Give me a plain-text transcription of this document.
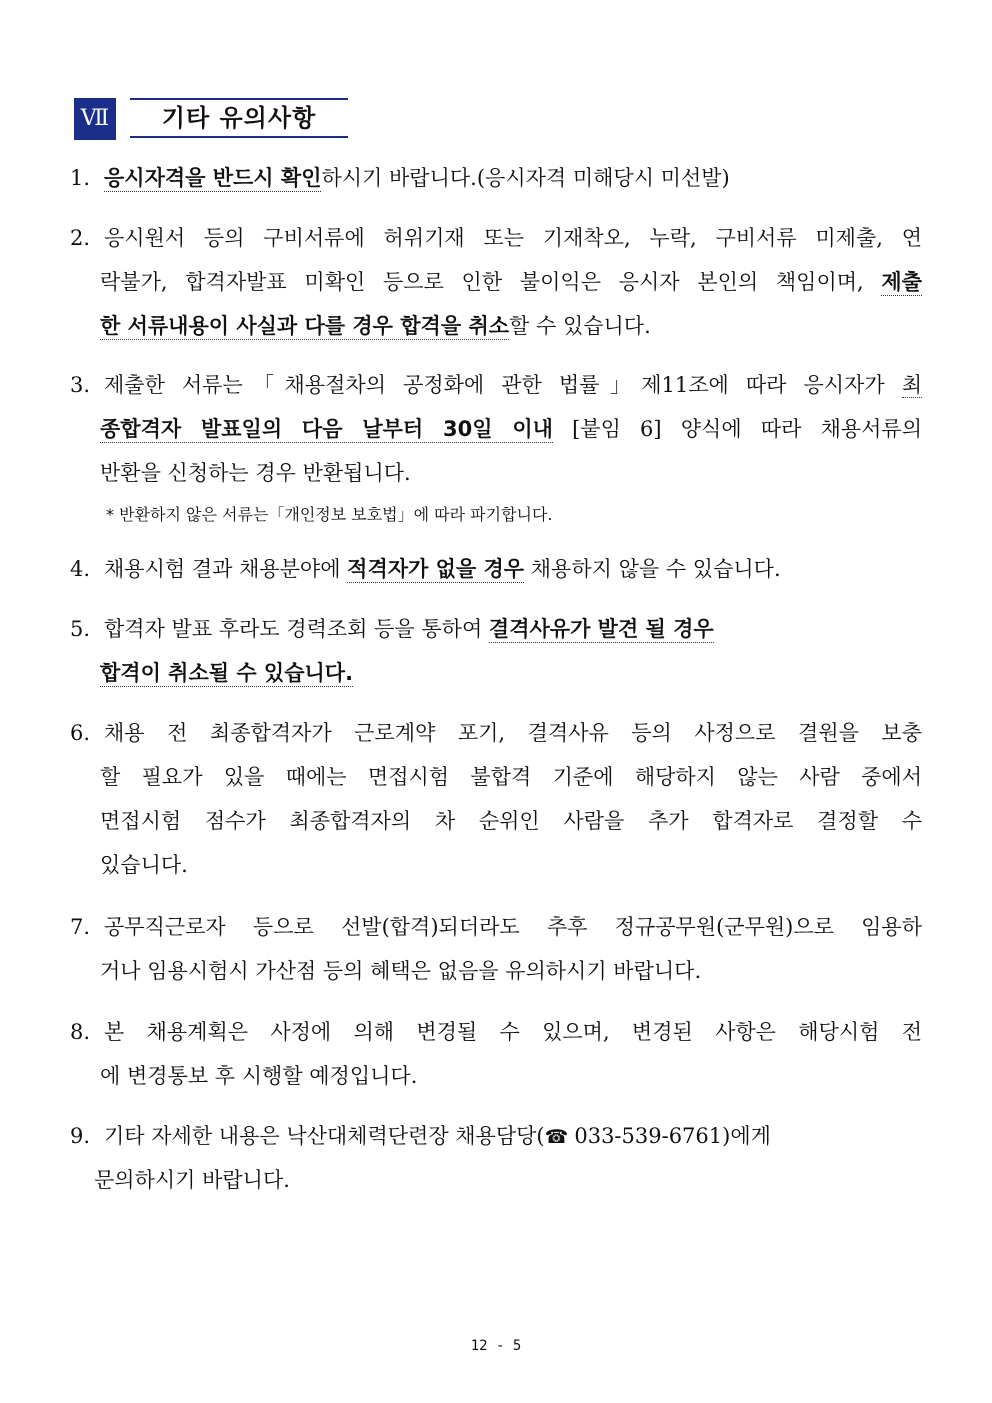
Ⅶ	기타 유의사항
1. 응시자격을 반드시 확인하시기 바랍니다.(응시자격 미해당시 미선발)
2. 응시원서 등의 구비서류에 허위기재 또는 기재착오, 누락, 구비서류 미제출, 연
락불가, 합격자발표 미확인 등으로 인한 불이익은 응시자 본인의 책임이며, 제출
한 서류내용이 사실과 다를 경우 합격을 취소할 수 있습니다.
3. 제출한 서류는「채용절차의 공정화에 관한 법률」제11조에 따라 응시자가 최
종합격자 발표일의 다음 날부터 30일 이내 [붙임 6] 양식에 따라 채용서류의
반환을 신청하는 경우 반환됩니다.
* 반환하지 않은 서류는「개인정보 보호법」에 따라 파기합니다.
4. 채용시험 결과 채용분야에 적격자가 없을 경우 채용하지 않을 수 있습니다.
5. 합격자 발표 후라도 경력조회 등을 통하여 결격사유가 발견 될 경우
합격이 취소될 수 있습니다.
6. 채용 전 최종합격자가 근로계약 포기, 결격사유 등의 사정으로 결원을 보충
할 필요가 있을 때에는 면접시험 불합격 기준에 해당하지 않는 사람 중에서
면접시험 점수가 최종합격자의 차 순위인 사람을 추가 합격자로 결정할 수
있습니다.
7. 공무직근로자 등으로 선발(합격)되더라도 추후 정규공무원(군무원)으로 임용하
거나 임용시험시 가산점 등의 혜택은 없음을 유의하시기 바랍니다.
8. 본 채용계획은 사정에 의해 변경될 수 있으며, 변경된 사항은 해당시험 전
에 변경통보 후 시행할 예정입니다.
9. 기타 자세한 내용은 낙산대체력단련장 채용담당(☎ 033-539-6761)에게
문의하시기 바랍니다.
12 - 5
